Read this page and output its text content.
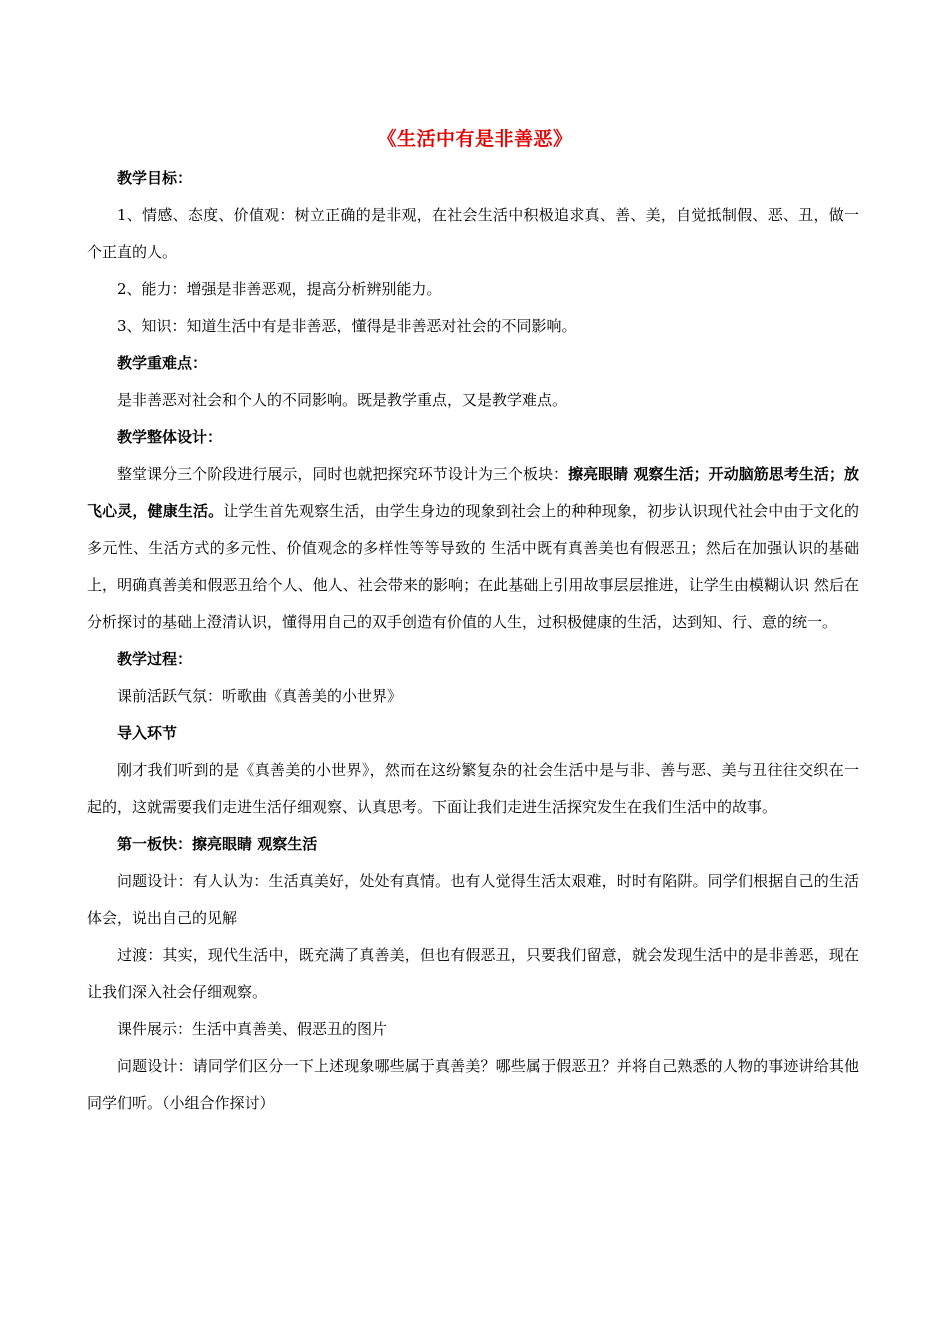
《生活中有是非善恶》

教学目标：

1、情感、态度、价值观：树立正确的是非观，在社会生活中积极追求真、善、美，自觉抵制假、恶、丑，做一个正直的人。

2、能力：增强是非善恶观，提高分析辨别能力。

3、知识：知道生活中有是非善恶，懂得是非善恶对社会的不同影响。

教学重难点：

是非善恶对社会和个人的不同影响。既是教学重点，又是教学难点。

教学整体设计：

整堂课分三个阶段进行展示，同时也就把探究环节设计为三个板块：擦亮眼睛 观察生活；开动脑筋思考生活；放飞心灵，健康生活。让学生首先观察生活，由学生身边的现象到社会上的种种现象，初步认识现代社会中由于文化的多元性、生活方式的多元性、价值观念的多样性等等导致的 生活中既有真善美也有假恶丑；然后在加强认识的基础上，明确真善美和假恶丑给个人、他人、社会带来的影响；在此基础上引用故事层层推进，让学生由模糊认识 然后在分析探讨的基础上澄清认识，懂得用自己的双手创造有价值的人生，过积极健康的生活，达到知、行、意的统一。

教学过程：

课前活跃气氛：听歌曲《真善美的小世界》

导入环节

刚才我们听到的是《真善美的小世界》，然而在这纷繁复杂的社会生活中是与非、善与恶、美与丑往往交织在一起的，这就需要我们走进生活仔细观察、认真思考。下面让我们走进生活探究发生在我们生活中的故事。

第一板快：擦亮眼睛 观察生活

问题设计：有人认为：生活真美好，处处有真情。也有人觉得生活太艰难，时时有陷阱。同学们根据自己的生活体会，说出自己的见解

过渡：其实，现代生活中，既充满了真善美，但也有假恶丑，只要我们留意，就会发现生活中的是非善恶，现在让我们深入社会仔细观察。

课件展示：生活中真善美、假恶丑的图片

问题设计：请同学们区分一下上述现象哪些属于真善美？哪些属于假恶丑？并将自己熟悉的人物的事迹讲给其他同学们听。（小组合作探讨）
